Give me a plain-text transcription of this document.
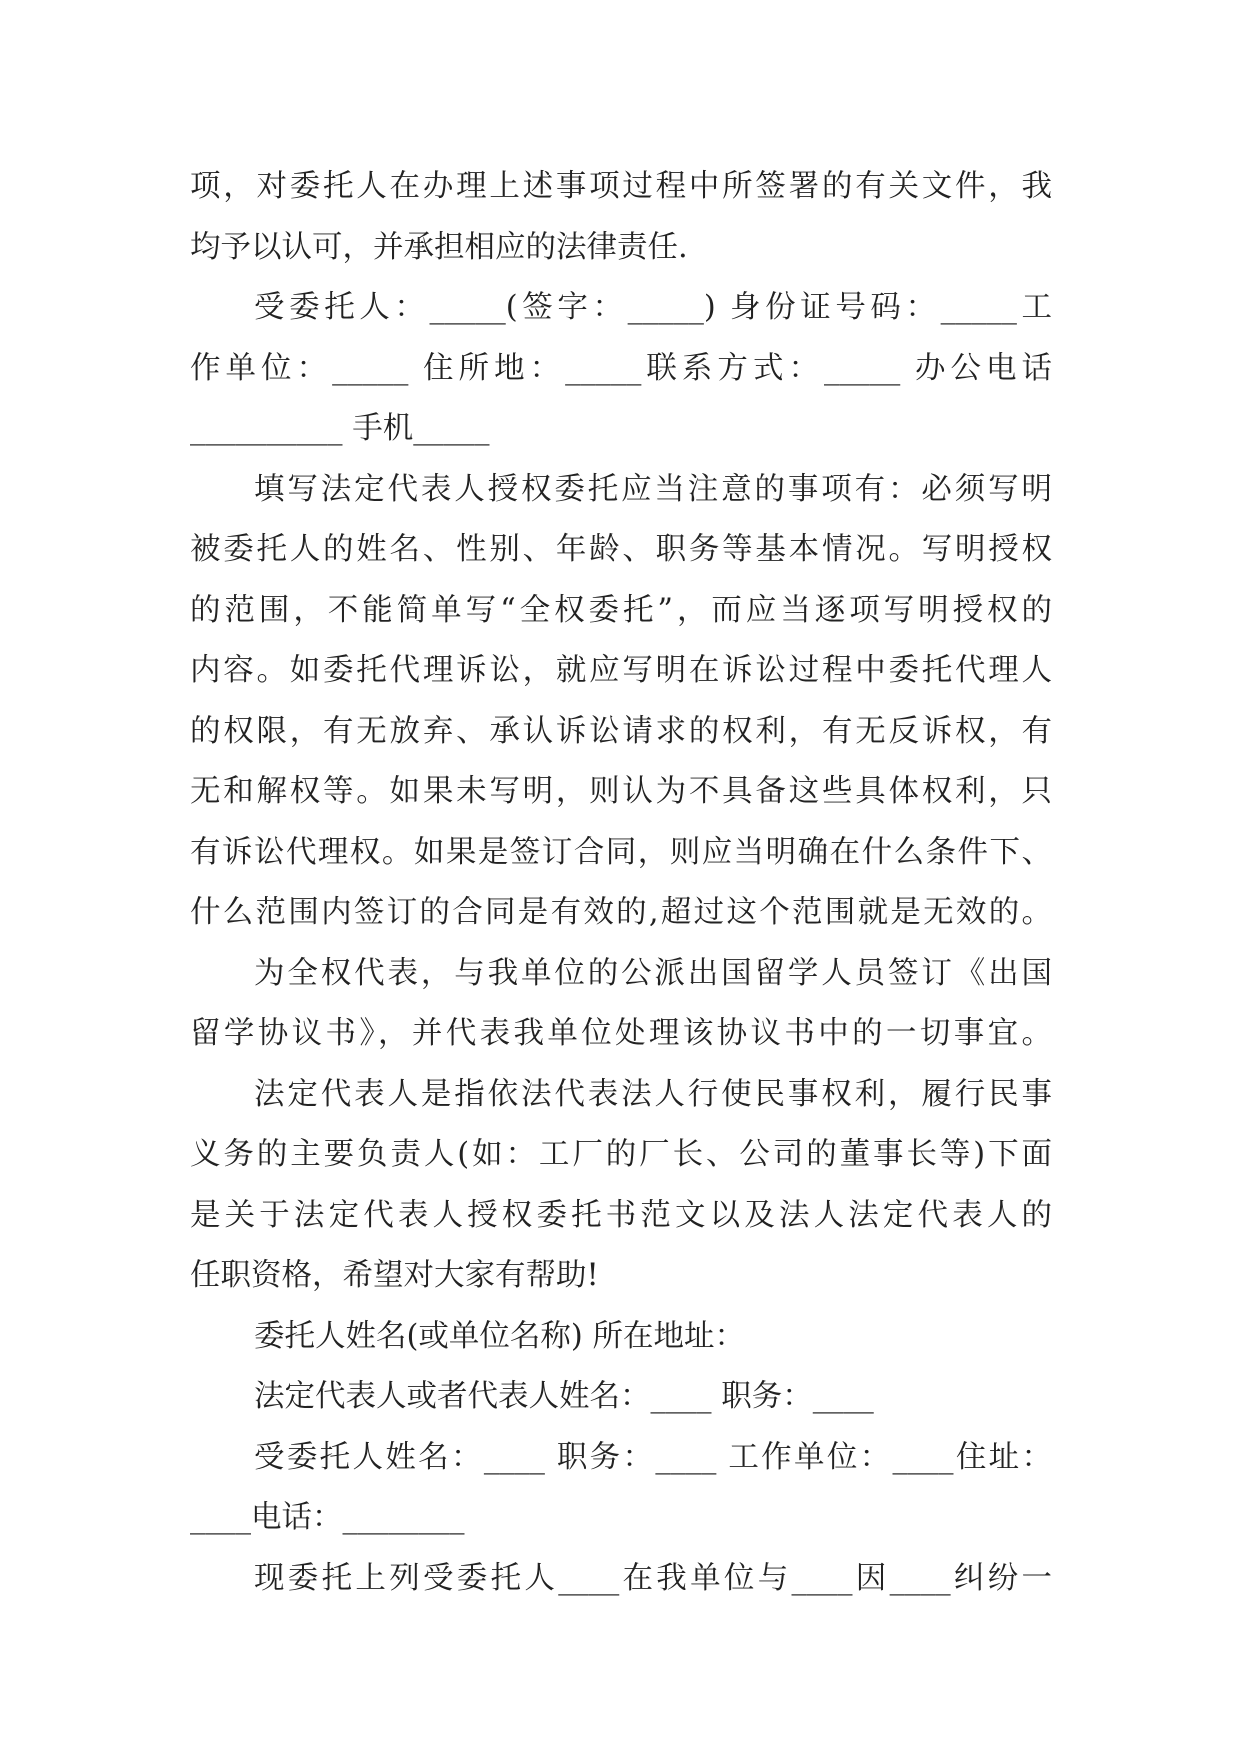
项，对委托人在办理上述事项过程中所签署的有关文件，我
均予以认可，并承担相应的法律责任.
受委托人：_____(签字：_____) 身份证号码：_____工
作单位：_____ 住所地：_____联系方式：_____ 办公电话
__________ 手机_____
填写法定代表人授权委托应当注意的事项有：必须写明
被委托人的姓名、性别、年龄、职务等基本情况。写明授权
的范围，不能简单写“全权委托”，而应当逐项写明授权的
内容。如委托代理诉讼，就应写明在诉讼过程中委托代理人
的权限，有无放弃、承认诉讼请求的权利，有无反诉权，有
无和解权等。如果未写明，则认为不具备这些具体权利，只
有诉讼代理权。如果是签订合同，则应当明确在什么条件下、
什么范围内签订的合同是有效的,超过这个范围就是无效的。
为全权代表，与我单位的公派出国留学人员签订《出国
留学协议书》，并代表我单位处理该协议书中的一切事宜。
法定代表人是指依法代表法人行使民事权利，履行民事
义务的主要负责人(如：工厂的厂长、公司的董事长等)下面
是关于法定代表人授权委托书范文以及法人法定代表人的
任职资格，希望对大家有帮助!
委托人姓名(或单位名称) 所在地址：
法定代表人或者代表人姓名：____ 职务：____
受委托人姓名：____ 职务：____ 工作单位：____住址：
____电话：________
现委托上列受委托人____在我单位与____因____纠纷一
